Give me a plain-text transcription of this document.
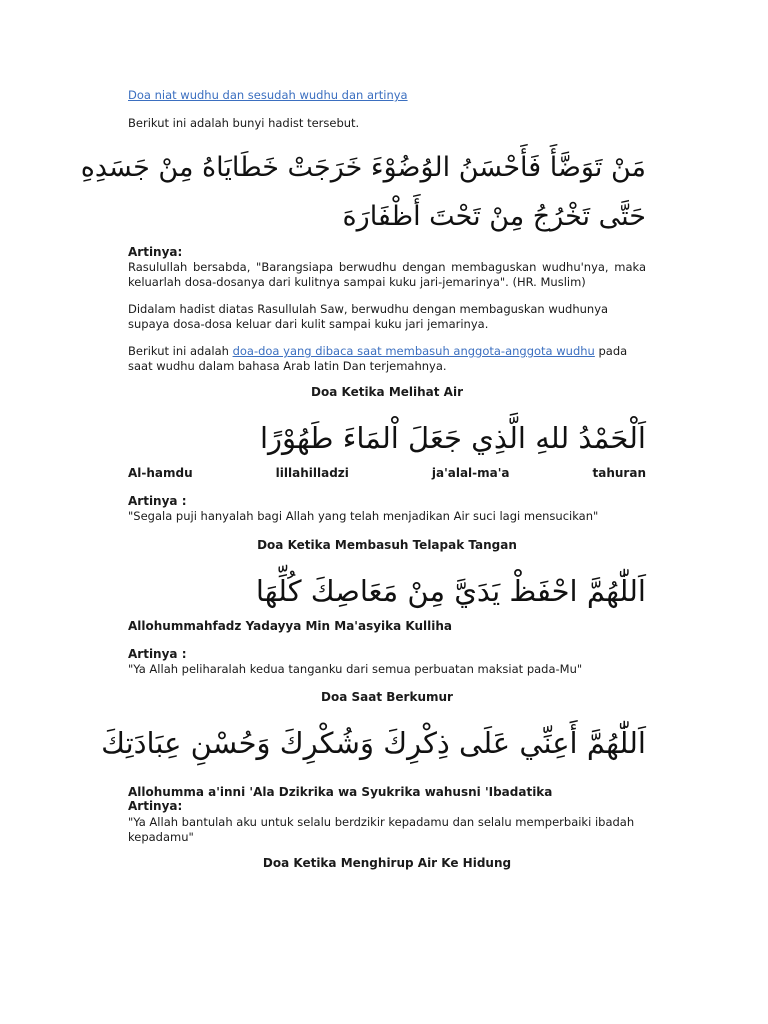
Doa niat wudhu dan sesudah wudhu dan artinya

Berikut ini adalah bunyi hadist tersebut.

مَنْ تَوَضَّأَ فَأَحْسَنُ الوُضُوْءَ خَرَجَتْ خَطَايَاهُ مِنْ جَسَدِهِ
حَتَّى تَخْرُجُ مِنْ تَحْتَ أَظْفَارَهَ

Artinya:

Rasulullah bersabda, "Barangsiapa berwudhu dengan membaguskan wudhu'nya, maka keluarlah dosa-dosanya dari kulitnya sampai kuku jari-jemarinya". (HR. Muslim)

Didalam hadist diatas Rasullulah Saw, berwudhu dengan membaguskan wudhunya supaya dosa-dosa keluar dari kulit sampai kuku jari jemarinya.

Berikut ini adalah doa-doa yang dibaca saat membasuh anggota-anggota wudhu pada saat wudhu dalam bahasa Arab latin Dan terjemahnya.

Doa Ketika Melihat Air

اَلْحَمْدُ للهِ الَّذِي جَعَلَ اْلمَاءَ طَهُوْرًا
Al-hamdu	lillahilladzi	ja'alal-ma'a	tahuran

Artinya :

"Segala puji hanyalah bagi Allah yang telah menjadikan Air suci lagi mensucikan"

Doa Ketika Membasuh Telapak Tangan

اَللّٰهُمَّ احْفَظْ يَدَيَّ مِنْ مَعَاصِكَ كُلِّهَا

Allohummahfadz Yadayya Min Ma'asyika Kulliha

Artinya :

"Ya Allah peliharalah kedua tanganku dari semua perbuatan maksiat pada-Mu"

Doa Saat Berkumur

اَللّٰهُمَّ أَعِنِّي عَلَى ذِكْرِكَ وَشُكْرِكَ وَحُسْنِ عِبَادَتِكَ

Allohumma a'inni 'Ala Dzikrika wa Syukrika wahusni 'Ibadatika

Artinya:

"Ya Allah bantulah aku untuk selalu berdzikir kepadamu dan selalu memperbaiki ibadah kepadamu"

Doa Ketika Menghirup Air Ke Hidung
